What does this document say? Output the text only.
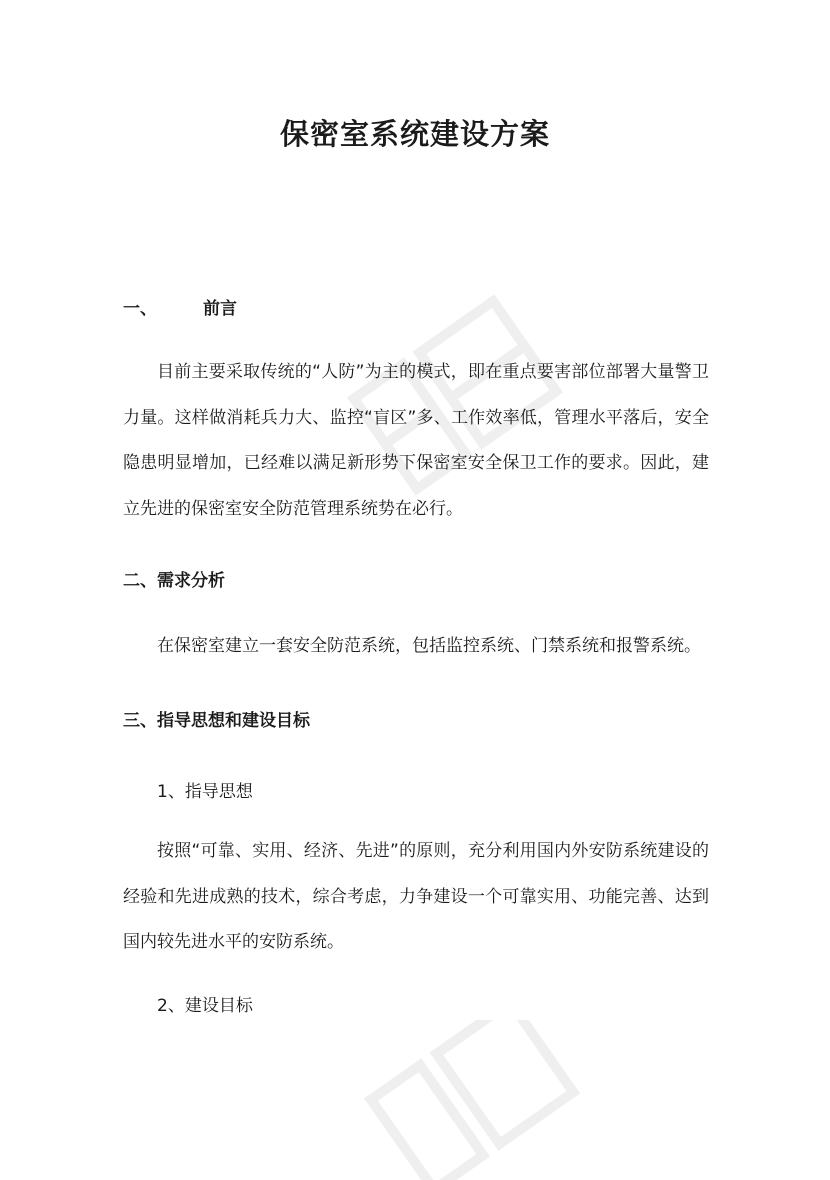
保密室系统建设方案
一、	前言
目前主要采取传统的“人防”为主的模式，即在重点要害部位部署大量警卫力量。这样做消耗兵力大、监控“盲区”多、工作效率低，管理水平落后，安全隐患明显增加，已经难以满足新形势下保密室安全保卫工作的要求。因此，建立先进的保密室安全防范管理系统势在必行。
二、需求分析
在保密室建立一套安全防范系统，包括监控系统、门禁系统和报警系统。
三、指导思想和建设目标
1、指导思想
按照“可靠、实用、经济、先进”的原则，充分利用国内外安防系统建设的经验和先进成熟的技术，综合考虑，力争建设一个可靠实用、功能完善、达到国内较先进水平的安防系统。
2、建设目标
